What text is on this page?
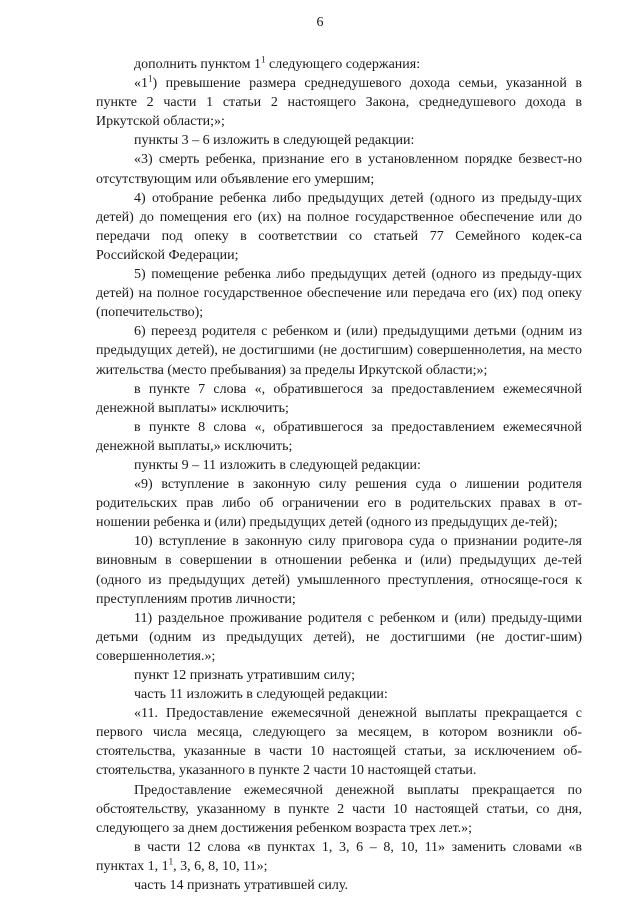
6

дополнить пунктом $1^1$ следующего содержания:

«$1^1$) превышение размера среднедушевого дохода семьи, указанной в пункте 2 части 1 статьи 2 настоящего Закона, среднедушевого дохода в Иркутской области;»;

пункты 3 – 6 изложить в следующей редакции:

«3) смерть ребенка, признание его в установленном порядке безвест-но отсутствующим или объявление его умершим;

4) отобрание ребенка либо предыдущих детей (одного из предыду-щих детей) до помещения его (их) на полное государственное обеспечение или до передачи под опеку в соответствии со статьей 77 Семейного кодек-са Российской Федерации;

5) помещение ребенка либо предыдущих детей (одного из предыду-щих детей) на полное государственное обеспечение или передача его (их) под опеку (попечительство);

6) переезд родителя с ребенком и (или) предыдущими детьми (одним из предыдущих детей), не достигшими (не достигшим) совершеннолетия, на место жительства (место пребывания) за пределы Иркутской области;»;

в пункте 7 слова «, обратившегося за предоставлением ежемесячной денежной выплаты» исключить;

в пункте 8 слова «, обратившегося за предоставлением ежемесячной денежной выплаты,» исключить;

пункты 9 – 11 изложить в следующей редакции:

«9) вступление в законную силу решения суда о лишении родителя родительских прав либо об ограничении его в родительских правах в от-ношении ребенка и (или) предыдущих детей (одного из предыдущих де-тей);

10) вступление в законную силу приговора суда о признании родите-ля виновным в совершении в отношении ребенка и (или) предыдущих де-тей (одного из предыдущих детей) умышленного преступления, относяще-гося к преступлениям против личности;

11) раздельное проживание родителя с ребенком и (или) предыду-щими детьми (одним из предыдущих детей), не достигшими (не достиг-шим) совершеннолетия.»;

пункт 12 признать утратившим силу;

часть 11 изложить в следующей редакции:

«11. Предоставление ежемесячной денежной выплаты прекращается с первого числа месяца, следующего за месяцем, в котором возникли об-стоятельства, указанные в части 10 настоящей статьи, за исключением об-стоятельства, указанного в пункте 2 части 10 настоящей статьи.

Предоставление ежемесячной денежной выплаты прекращается по обстоятельству, указанному в пункте 2 части 10 настоящей статьи, со дня, следующего за днем достижения ребенком возраста трех лет.»;

в части 12 слова «в пунктах 1, 3, 6 – 8, 10, 11» заменить словами «в пунктах 1, $1^1$, 3, 6, 8, 10, 11»;

часть 14 признать утратившей силу.
